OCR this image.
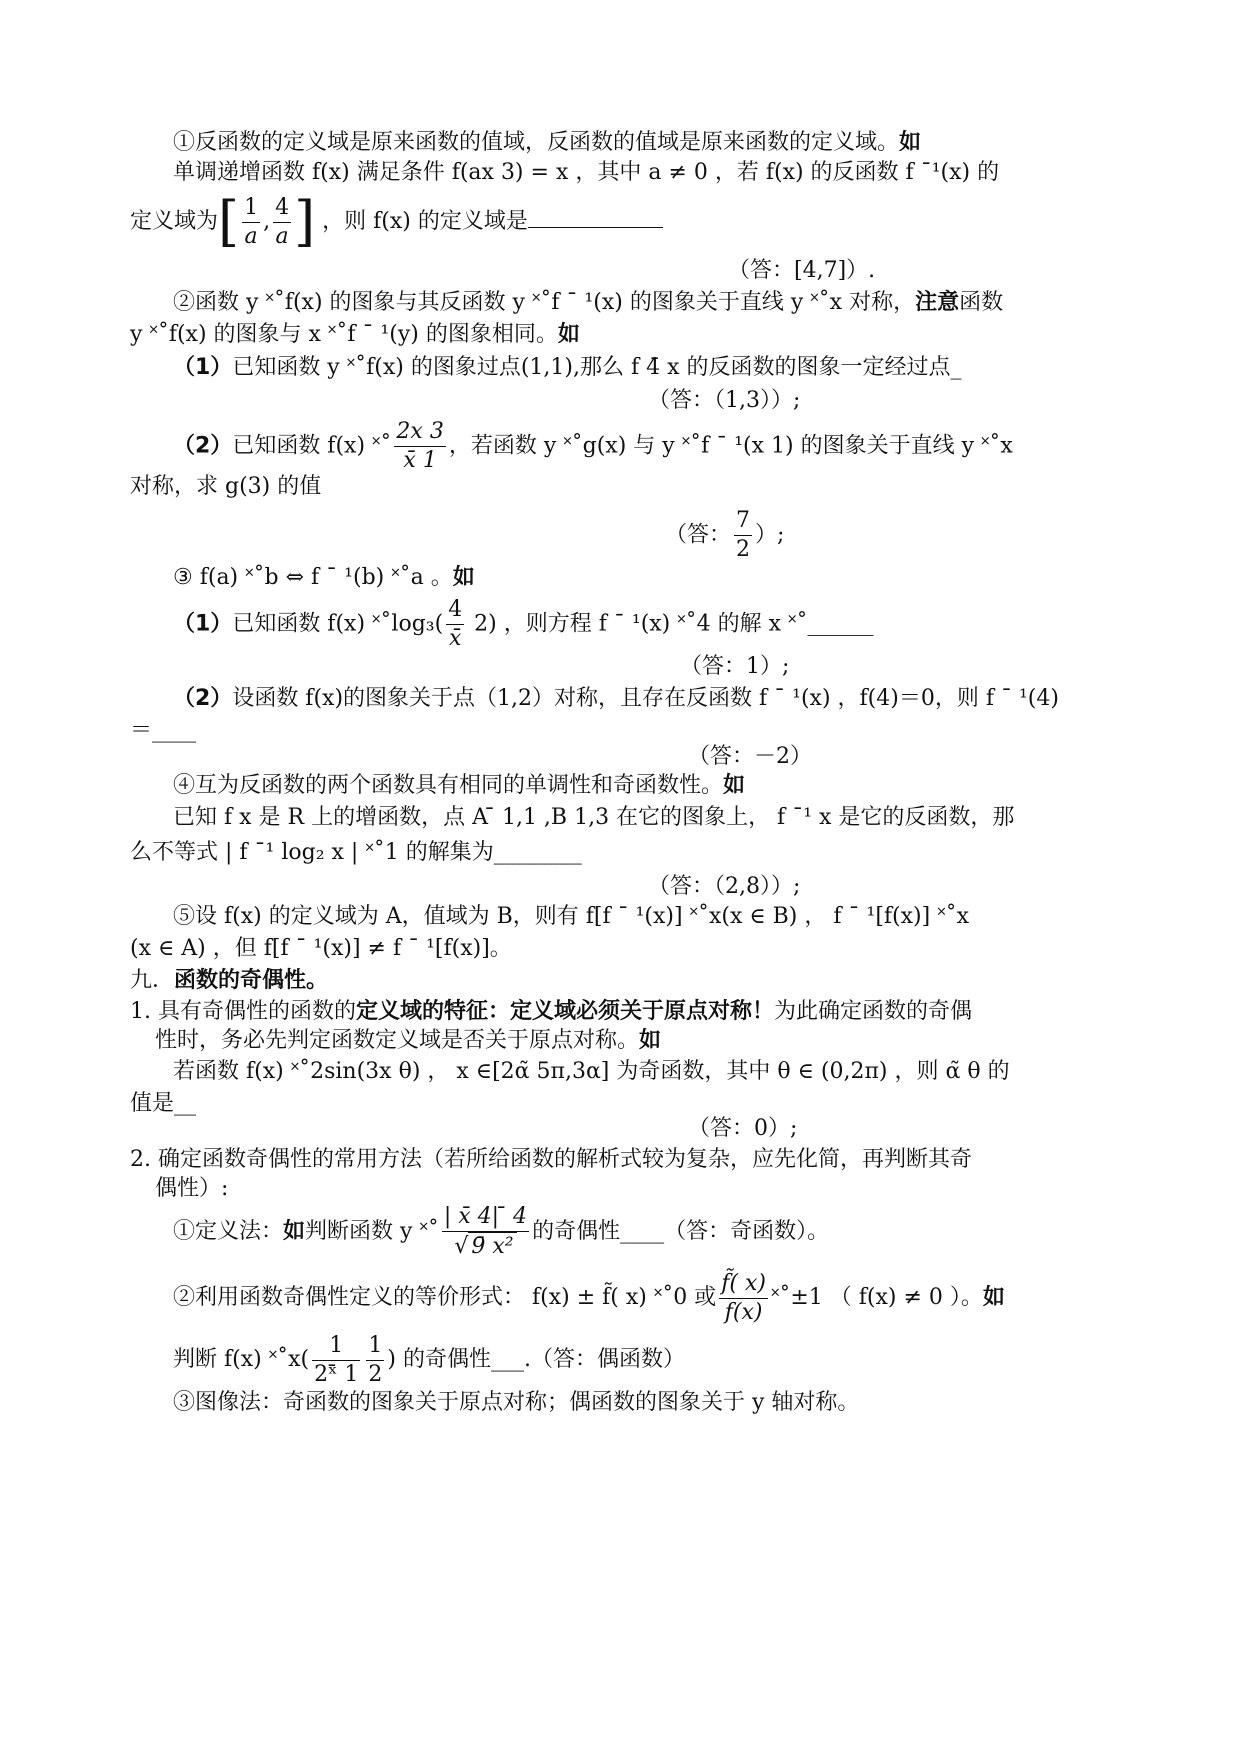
①反函数的定义域是原来函数的值域，反函数的值域是原来函数的定义域。如
单调递增函数 f(x) 满足条件 f(ax 3) = x ，其中 a ≠ 0 ，若 f(x) 的反函数 f ˉ¹(x) 的
定义域为[ $\frac{1}{a}$ , $\frac{4}{a}$ ] ，则 f(x) 的定义域是
（答：[4,7]）.
②函数 y ˟˚f(x) 的图象与其反函数 y ˟˚f ˉ ¹(x) 的图象关于直线 y ˟˚x 对称，注意函数
y ˟˚f(x) 的图象与 x ˟˚f ˉ ¹(y) 的图象相同。如
（1）已知函数 y ˟˚f(x) 的图象过点(1,1),那么 f 4̄ x 的反函数的图象一定经过点_
（答：（1,3））;
（2）已知函数 f(x) ˟˚ $\frac{2x 3}{x̄ 1}$ ，若函数 y ˟˚g(x) 与 y ˟˚f ˉ ¹(x 1) 的图象关于直线 y ˟˚x
对称，求 g(3) 的值
（答： $\frac{7}{2}$ ）;
③ f(a) ˟˚b ⇔ f ˉ ¹(b) ˟˚a 。如
（1）已知函数 f(x) ˟˚log₃( $\frac{4}{x̄} 2$) ，则方程 f ˉ ¹(x) ˟˚4 的解 x ˟˚______
（答：1）;
（2）设函数 f(x)的图象关于点（1,2）对称，且存在反函数 f ˉ ¹(x) ，f(4)＝0，则 f ˉ ¹(4)
＝____
（答：－2）
④互为反函数的两个函数具有相同的单调性和奇函数性。如
已知 f x 是 R 上的增函数，点 A ̄ 1,1 ,B 1,3 在它的图象上， f ˉ¹ x 是它的反函数，那
么不等式 | f ˉ¹ log₂ x | ˟˚1 的解集为________
（答：（2,8））;
⑤设 f(x) 的定义域为 A，值域为 B，则有 f[f ˉ ¹(x)] ˟˚x(x ∈ B) ， f ˉ ¹[f(x)] ˟˚x
(x ∈ A) ，但 f[f ˉ ¹(x)] ≠ f ˉ ¹[f(x)]。
九．函数的奇偶性。
1. 具有奇偶性的函数的定义域的特征：定义域必须关于原点对称！为此确定函数的奇偶
性时，务必先判定函数定义域是否关于原点对称。如
若函数 f(x) ˟˚2sin(3x θ) ， x ∈[2α̃ 5π,3α] 为奇函数，其中 θ ∈ (0,2π) ，则 α̃ θ 的
值是__
（答：0）;
2. 确定函数奇偶性的常用方法（若所给函数的解析式较为复杂，应先化简，再判断其奇
偶性）:
①定义法：如判断函数 y ˟˚ $\frac{| x̄ 4| ̄ 4}{\text{√ 9̄ x²}}$ 的奇偶性____（答：奇函数）。
②利用函数奇偶性定义的等价形式： f(x) ± f̃( x) ˟˚0 或 $\frac{f̃( x)}{f(x)}$ ˟˚±1 （ f(x) ≠ 0 ）。如
判断 f(x) ˟˚x( $\frac{1}{\text{2ˣ̄ 1}} \frac{1}{2}$ ) 的奇偶性___.（答：偶函数）
③图像法：奇函数的图象关于原点对称；偶函数的图象关于 y 轴对称。
